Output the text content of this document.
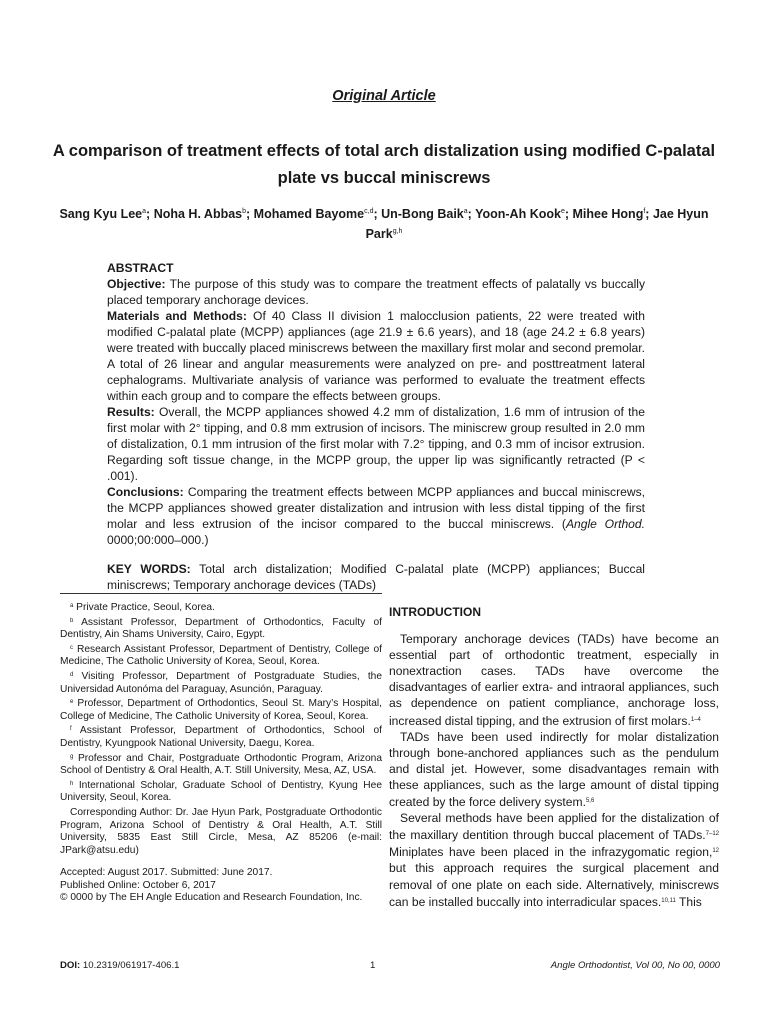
Original Article
A comparison of treatment effects of total arch distalization using modified C-palatal plate vs buccal miniscrews
Sang Kyu Lee$^a$; Noha H. Abbas$^b$; Mohamed Bayome$^{c,d}$; Un-Bong Baik$^a$; Yoon-Ah Kook$^e$; Mihee Hong$^f$; Jae Hyun Park$^{g,h}$

ABSTRACT

Objective: The purpose of this study was to compare the treatment effects of palatally vs buccally placed temporary anchorage devices.

Materials and Methods: Of 40 Class II division 1 malocclusion patients, 22 were treated with modified C-palatal plate (MCPP) appliances (age 21.9 ± 6.6 years), and 18 (age 24.2 ± 6.8 years) were treated with buccally placed miniscrews between the maxillary first molar and second premolar. A total of 26 linear and angular measurements were analyzed on pre- and posttreatment lateral cephalograms. Multivariate analysis of variance was performed to evaluate the treatment effects within each group and to compare the effects between groups.

Results: Overall, the MCPP appliances showed 4.2 mm of distalization, 1.6 mm of intrusion of the first molar with 2° tipping, and 0.8 mm extrusion of incisors. The miniscrew group resulted in 2.0 mm of distalization, 0.1 mm intrusion of the first molar with 7.2° tipping, and 0.3 mm of incisor extrusion. Regarding soft tissue change, in the MCPP group, the upper lip was significantly retracted (P < .001).

Conclusions: Comparing the treatment effects between MCPP appliances and buccal miniscrews, the MCPP appliances showed greater distalization and intrusion with less distal tipping of the first molar and less extrusion of the incisor compared to the buccal miniscrews. (Angle Orthod. 0000;00:000–000.)

KEY WORDS: Total arch distalization; Modified C-palatal plate (MCPP) appliances; Buccal miniscrews; Temporary anchorage devices (TADs)

$^a$ Private Practice, Seoul, Korea.

$^b$ Assistant Professor, Department of Orthodontics, Faculty of Dentistry, Ain Shams University, Cairo, Egypt.

$^c$ Research Assistant Professor, Department of Dentistry, College of Medicine, The Catholic University of Korea, Seoul, Korea.

$^d$ Visiting Professor, Department of Postgraduate Studies, the Universidad Autonóma del Paraguay, Asunción, Paraguay.

$^e$ Professor, Department of Orthodontics, Seoul St. Mary’s Hospital, College of Medicine, The Catholic University of Korea, Seoul, Korea.

$^f$ Assistant Professor, Department of Orthodontics, School of Dentistry, Kyungpook National University, Daegu, Korea.

$^g$ Professor and Chair, Postgraduate Orthodontic Program, Arizona School of Dentistry & Oral Health, A.T. Still University, Mesa, AZ, USA.

$^h$ International Scholar, Graduate School of Dentistry, Kyung Hee University, Seoul, Korea.

Corresponding Author: Dr. Jae Hyun Park, Postgraduate Orthodontic Program, Arizona School of Dentistry & Oral Health, A.T. Still University, 5835 East Still Circle, Mesa, AZ 85206 (e-mail: JPark@atsu.edu)

Accepted: August 2017. Submitted: June 2017.
Published Online: October 6, 2017
© 0000 by The EH Angle Education and Research Foundation, Inc.
INTRODUCTION

Temporary anchorage devices (TADs) have become an essential part of orthodontic treatment, especially in nonextraction cases. TADs have overcome the disadvantages of earlier extra- and intraoral appliances, such as dependence on patient compliance, anchorage loss, increased distal tipping, and the extrusion of first molars.$^{1-4}$

TADs have been used indirectly for molar distalization through bone-anchored appliances such as the pendulum and distal jet. However, some disadvantages remain with these appliances, such as the large amount of distal tipping created by the force delivery system.$^{5,6}$

Several methods have been applied for the distalization of the maxillary dentition through buccal placement of TADs.$^{7-12}$ Miniplates have been placed in the infrazygomatic region,$^{12}$ but this approach requires the surgical placement and removal of one plate on each side. Alternatively, miniscrews can be installed buccally into interradicular spaces.$^{10,11}$ This

DOI: 10.2319/061917-406.1	1	Angle Orthodontist, Vol 00, No 00, 0000
